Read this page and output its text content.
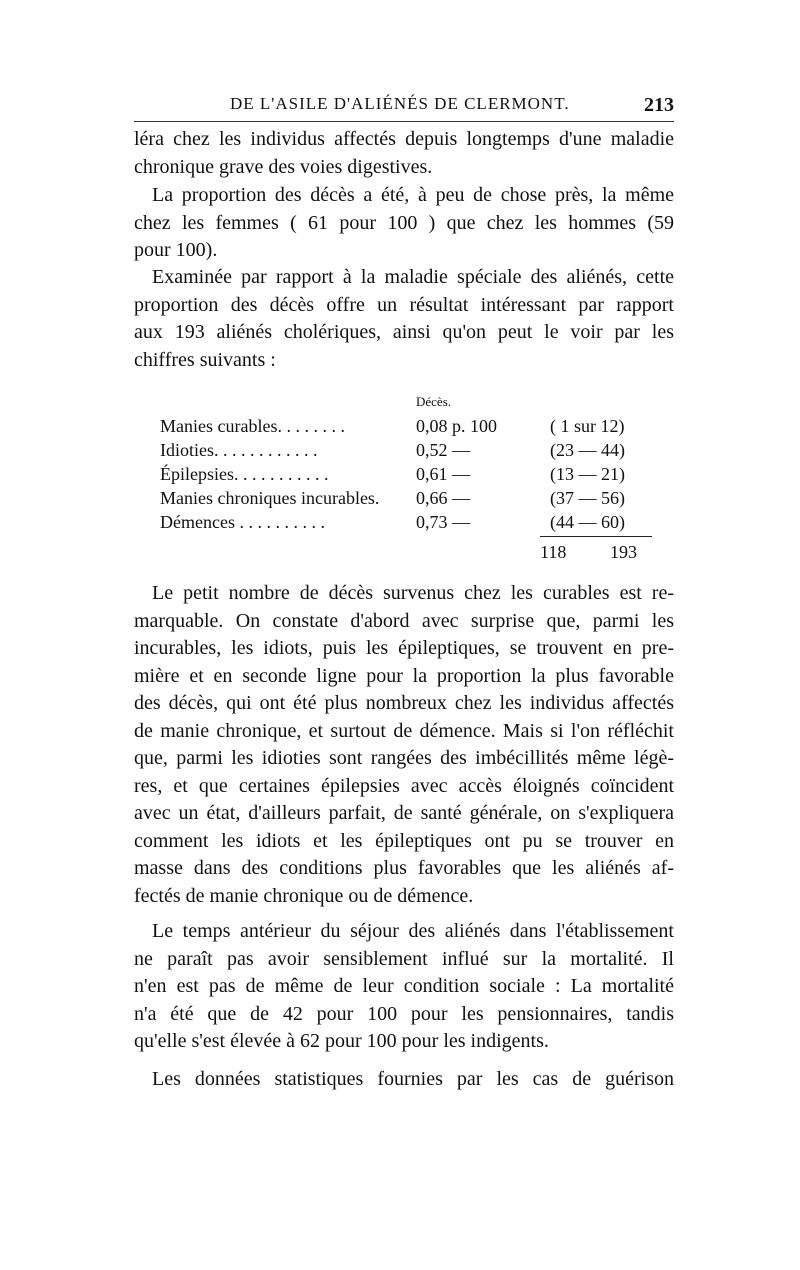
DE L'ASILE D'ALIÉNÉS DE CLERMONT.	213
léra chez les individus affectés depuis longtemps d'une maladie
chronique grave des voies digestives.
La proportion des décès a été, à peu de chose près, la même
chez les femmes ( 61 pour 100 ) que chez les hommes (59
pour 100).
Examinée par rapport à la maladie spéciale des aliénés, cette
proportion des décès offre un résultat intéressant par rapport
aux 193 aliénés cholériques, ainsi qu'on peut le voir par les
chiffres suivants :
Décès.
Manies curables. . . . . . . .	0,08 p. 100	( 1 sur 12)
Idioties. . . . . . . . . . . .	0,52 —	(23 — 44)
Épilepsies. . . . . . . . . . .	0,61 —	(13 — 21)
Manies chroniques incurables. 0,66 —	(37 — 56)
Démences . . . . . . . . . .	0,73 —	(44 — 60)
118 193
Le petit nombre de décès survenus chez les curables est re-
marquable. On constate d'abord avec surprise que, parmi les
incurables, les idiots, puis les épileptiques, se trouvent en pre-
mière et en seconde ligne pour la proportion la plus favorable
des décès, qui ont été plus nombreux chez les individus affectés
de manie chronique, et surtout de démence. Mais si l'on réfléchit
que, parmi les idioties sont rangées des imbécillités même légè-
res, et que certaines épilepsies avec accès éloignés coïncident
avec un état, d'ailleurs parfait, de santé générale, on s'expliquera
comment les idiots et les épileptiques ont pu se trouver en
masse dans des conditions plus favorables que les aliénés af-
fectés de manie chronique ou de démence.
Le temps antérieur du séjour des aliénés dans l'établissement
ne paraît pas avoir sensiblement influé sur la mortalité. Il
n'en est pas de même de leur condition sociale : La mortalité
n'a été que de 42 pour 100 pour les pensionnaires, tandis
qu'elle s'est élevée à 62 pour 100 pour les indigents.
Les données statistiques fournies par les cas de guérison
